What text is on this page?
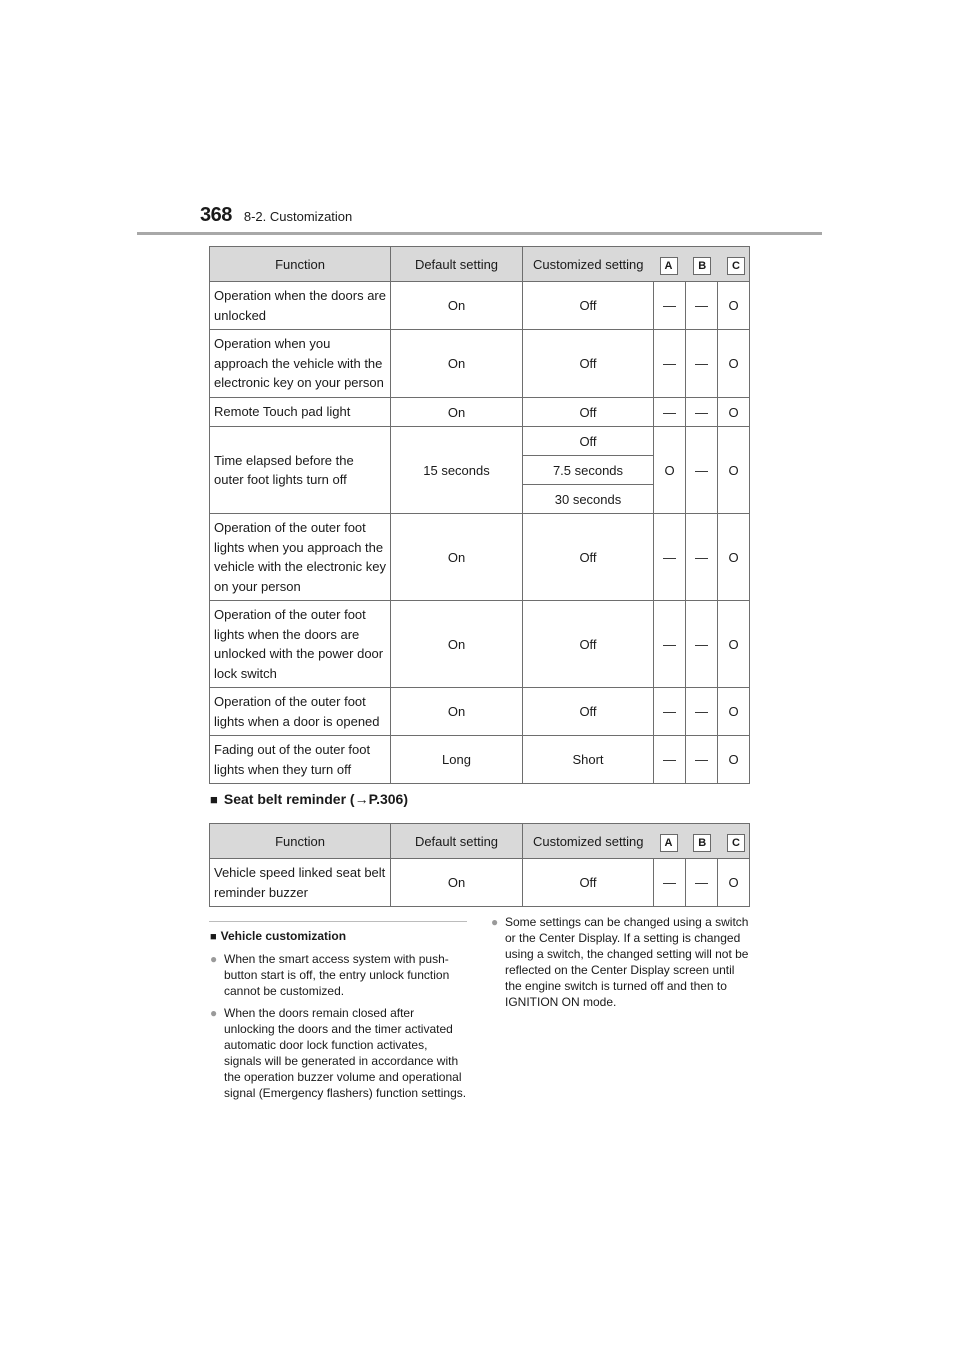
368 8-2. Customization
Function	Default setting	Customized setting	A B C		

Operation when the doors are unlocked	On	Off	—	—	O
Operation when you approach the vehicle with the electronic key on your person	On	Off	—	—	O
Remote Touch pad light	On	Off	—	—	O
Time elapsed before the outer foot lights turn off	15 seconds	Off	O	—	O
		7.5 seconds			
		30 seconds			
Operation of the outer foot lights when you approach the vehicle with the electronic key on your person	On	Off	—	—	O
Operation of the outer foot lights when the doors are unlocked with the power door lock switch	On	Off	—	—	O
Operation of the outer foot lights when a door is opened	On	Off	—	—	O
Fading out of the outer foot lights when they turn off	Long	Short	—	—	O
■ Seat belt reminder (→P.306)
Function	Default setting	Customized setting	A B C		

Vehicle speed linked seat belt reminder buzzer	On	Off	—	—	O
■ Vehicle customization
● When the smart access system with push-button start is off, the entry unlock function cannot be customized.
● When the doors remain closed after unlocking the doors and the timer activated automatic door lock function activates, signals will be generated in accordance with the operation buzzer volume and operational signal (Emergency flashers) function settings.
● Some settings can be changed using a switch or the Center Display. If a setting is changed using a switch, the changed setting will not be reflected on the Center Display screen until the engine switch is turned off and then to IGNITION ON mode.
